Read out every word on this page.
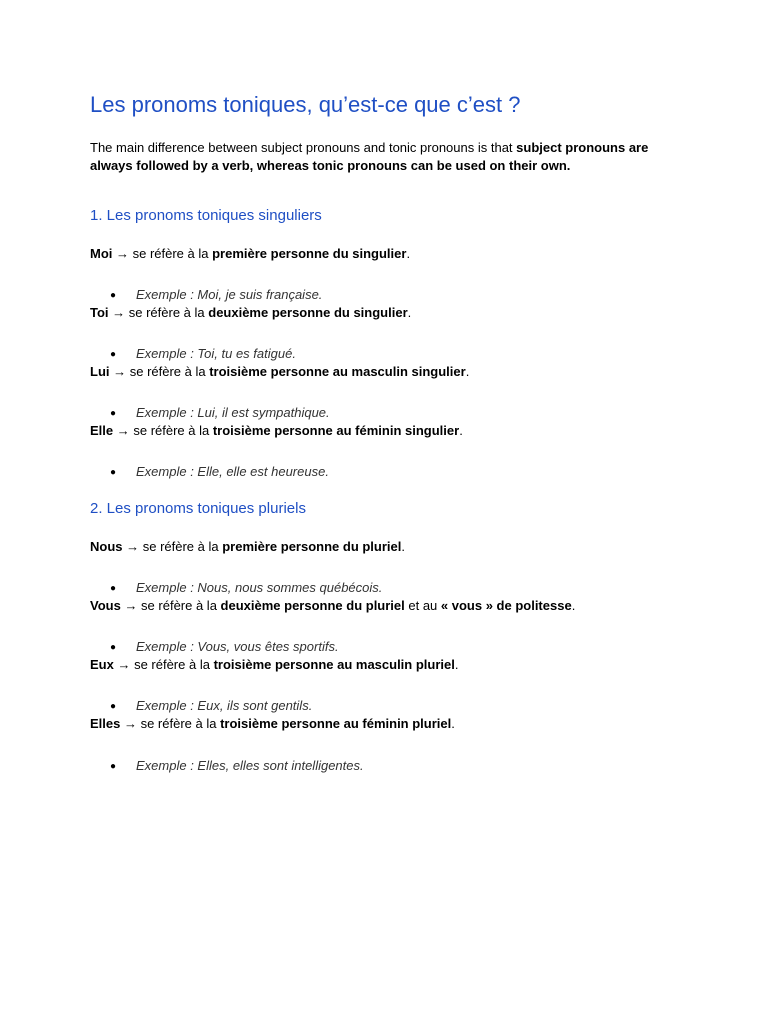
Les pronoms toniques, qu’est-ce que c’est ?

The main difference between subject pronouns and tonic pronouns is that subject pronouns are always followed by a verb, whereas tonic pronouns can be used on their own.

1. Les pronoms toniques singuliers

Moi → se réfère à la première personne du singulier.

● Exemple : Moi, je suis française.

Toi → se réfère à la deuxième personne du singulier.

● Exemple : Toi, tu es fatigué.

Lui → se réfère à la troisième personne au masculin singulier.

● Exemple : Lui, il est sympathique.

Elle → se réfère à la troisième personne au féminin singulier.

● Exemple : Elle, elle est heureuse.

2. Les pronoms toniques pluriels

Nous → se réfère à la première personne du pluriel.

● Exemple : Nous, nous sommes québécois.

Vous → se réfère à la deuxième personne du pluriel et au « vous » de politesse.

● Exemple : Vous, vous êtes sportifs.

Eux → se réfère à la troisième personne au masculin pluriel.

● Exemple : Eux, ils sont gentils.

Elles → se réfère à la troisième personne au féminin pluriel.

● Exemple : Elles, elles sont intelligentes.
